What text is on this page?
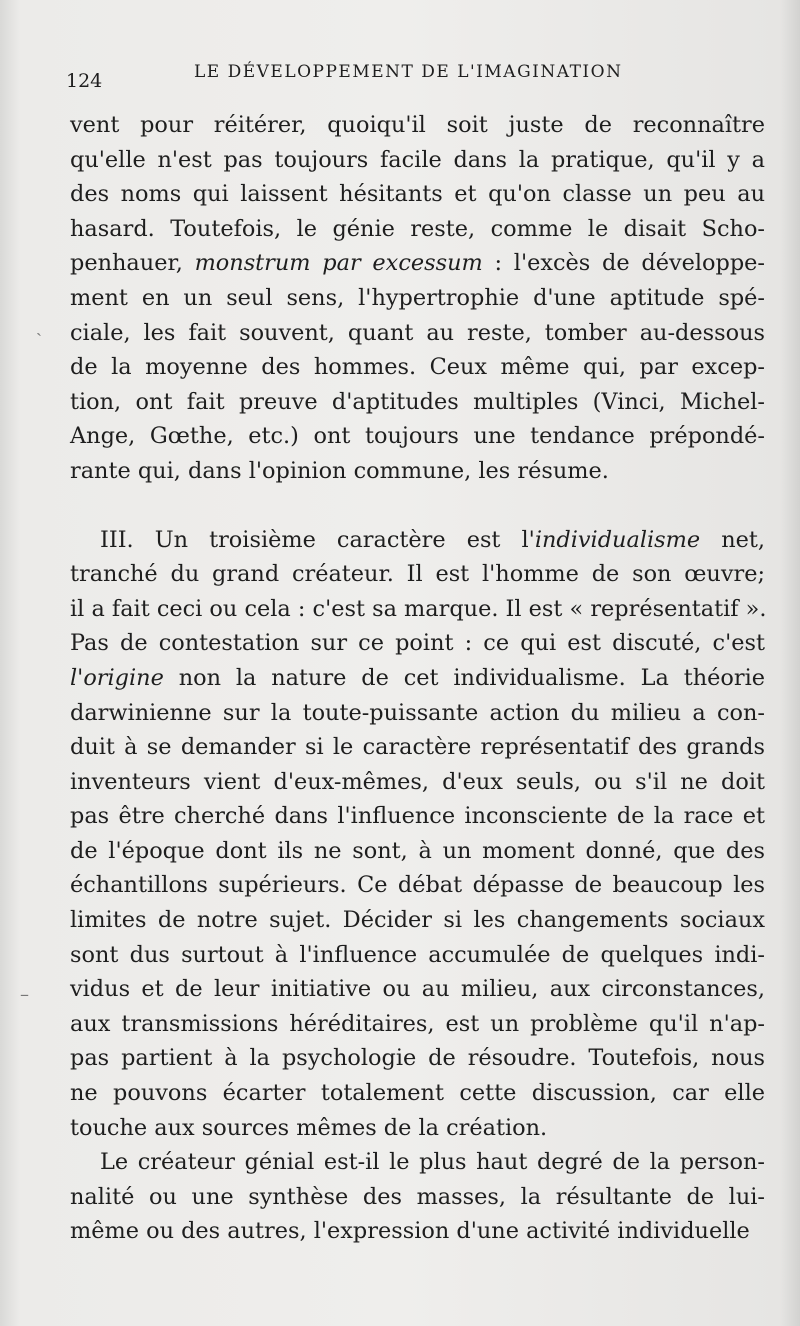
124	LE DÉVELOPPEMENT DE L'IMAGINATION
vent pour réitérer, quoiqu'il soit juste de reconnaître
qu'elle n'est pas toujours facile dans la pratique, qu'il y a
des noms qui laissent hésitants et qu'on classe un peu au
hasard. Toutefois, le génie reste, comme le disait Scho-
penhauer, monstrum par excessum : l'excès de développe-
ment en un seul sens, l'hypertrophie d'une aptitude spé-
ciale, les fait souvent, quant au reste, tomber au-dessous
de la moyenne des hommes. Ceux même qui, par excep-
tion, ont fait preuve d'aptitudes multiples (Vinci, Michel-
Ange, Gœthe, etc.) ont toujours une tendance prépondé-
rante qui, dans l'opinion commune, les résume.
III. Un troisième caractère est l'individualisme net,
tranché du grand créateur. Il est l'homme de son œuvre;
il a fait ceci ou cela : c'est sa marque. Il est « représentatif ».
Pas de contestation sur ce point : ce qui est discuté, c'est
l'origine non la nature de cet individualisme. La théorie
darwinienne sur la toute-puissante action du milieu a con-
duit à se demander si le caractère représentatif des grands
inventeurs vient d'eux-mêmes, d'eux seuls, ou s'il ne doit
pas être cherché dans l'influence inconsciente de la race et
de l'époque dont ils ne sont, à un moment donné, que des
échantillons supérieurs. Ce débat dépasse de beaucoup les
limites de notre sujet. Décider si les changements sociaux
sont dus surtout à l'influence accumulée de quelques indi-
vidus et de leur initiative ou au milieu, aux circonstances,
aux transmissions héréditaires, est un problème qu'il n'ap-
pas partient à la psychologie de résoudre. Toutefois, nous
ne pouvons écarter totalement cette discussion, car elle
touche aux sources mêmes de la création.
Le créateur génial est-il le plus haut degré de la person-
nalité ou une synthèse des masses, la résultante de lui-
même ou des autres, l'expression d'une activité individuelle
ˎ
–
